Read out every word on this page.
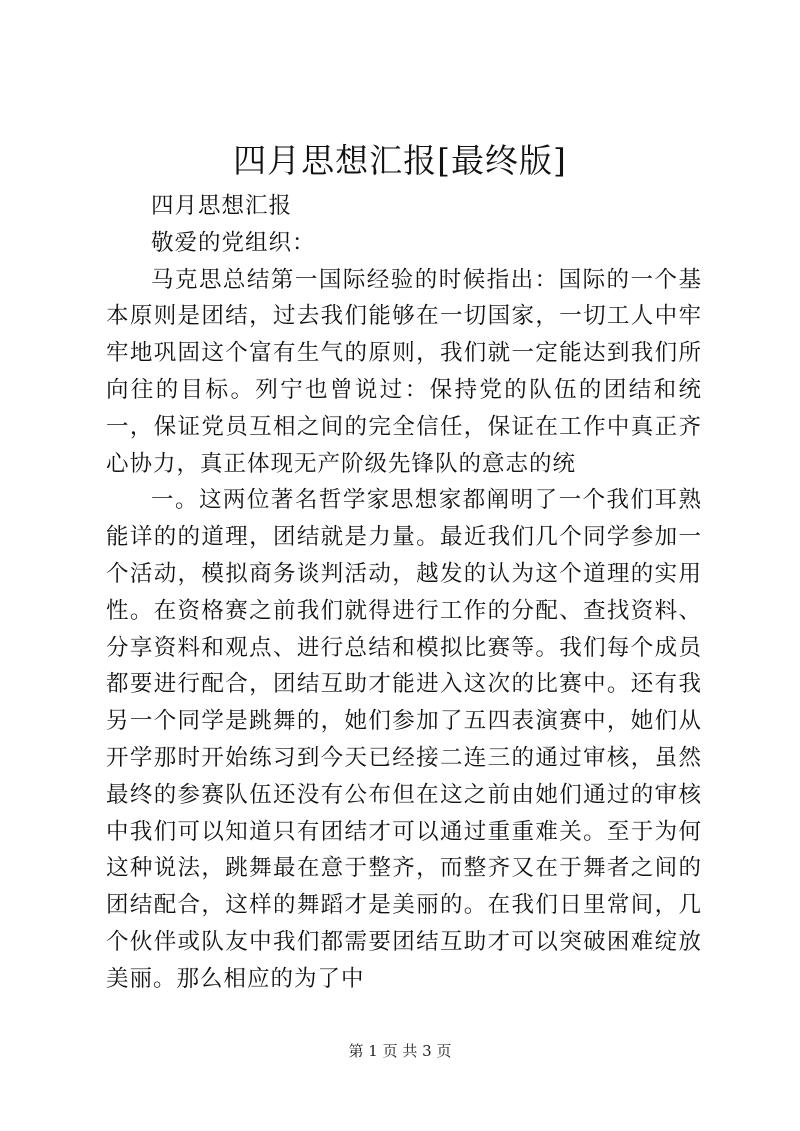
四月思想汇报[最终版]

四月思想汇报

敬爱的党组织：

马克思总结第一国际经验的时候指出：国际的一个基本原则是团结，过去我们能够在一切国家，一切工人中牢牢地巩固这个富有生气的原则，我们就一定能达到我们所向往的目标。列宁也曾说过：保持党的队伍的团结和统一，保证党员互相之间的完全信任，保证在工作中真正齐心协力，真正体现无产阶级先锋队的意志的统

一。这两位著名哲学家思想家都阐明了一个我们耳熟能详的的道理，团结就是力量。最近我们几个同学参加一个活动，模拟商务谈判活动，越发的认为这个道理的实用性。在资格赛之前我们就得进行工作的分配、查找资料、分享资料和观点、进行总结和模拟比赛等。我们每个成员都要进行配合，团结互助才能进入这次的比赛中。还有我另一个同学是跳舞的，她们参加了五四表演赛中，她们从开学那时开始练习到今天已经接二连三的通过审核，虽然最终的参赛队伍还没有公布但在这之前由她们通过的审核中我们可以知道只有团结才可以通过重重难关。至于为何这种说法，跳舞最在意于整齐，而整齐又在于舞者之间的团结配合，这样的舞蹈才是美丽的。在我们日里常间，几个伙伴或队友中我们都需要团结互助才可以突破困难绽放美丽。那么相应的为了中

第 1 页 共 3 页
